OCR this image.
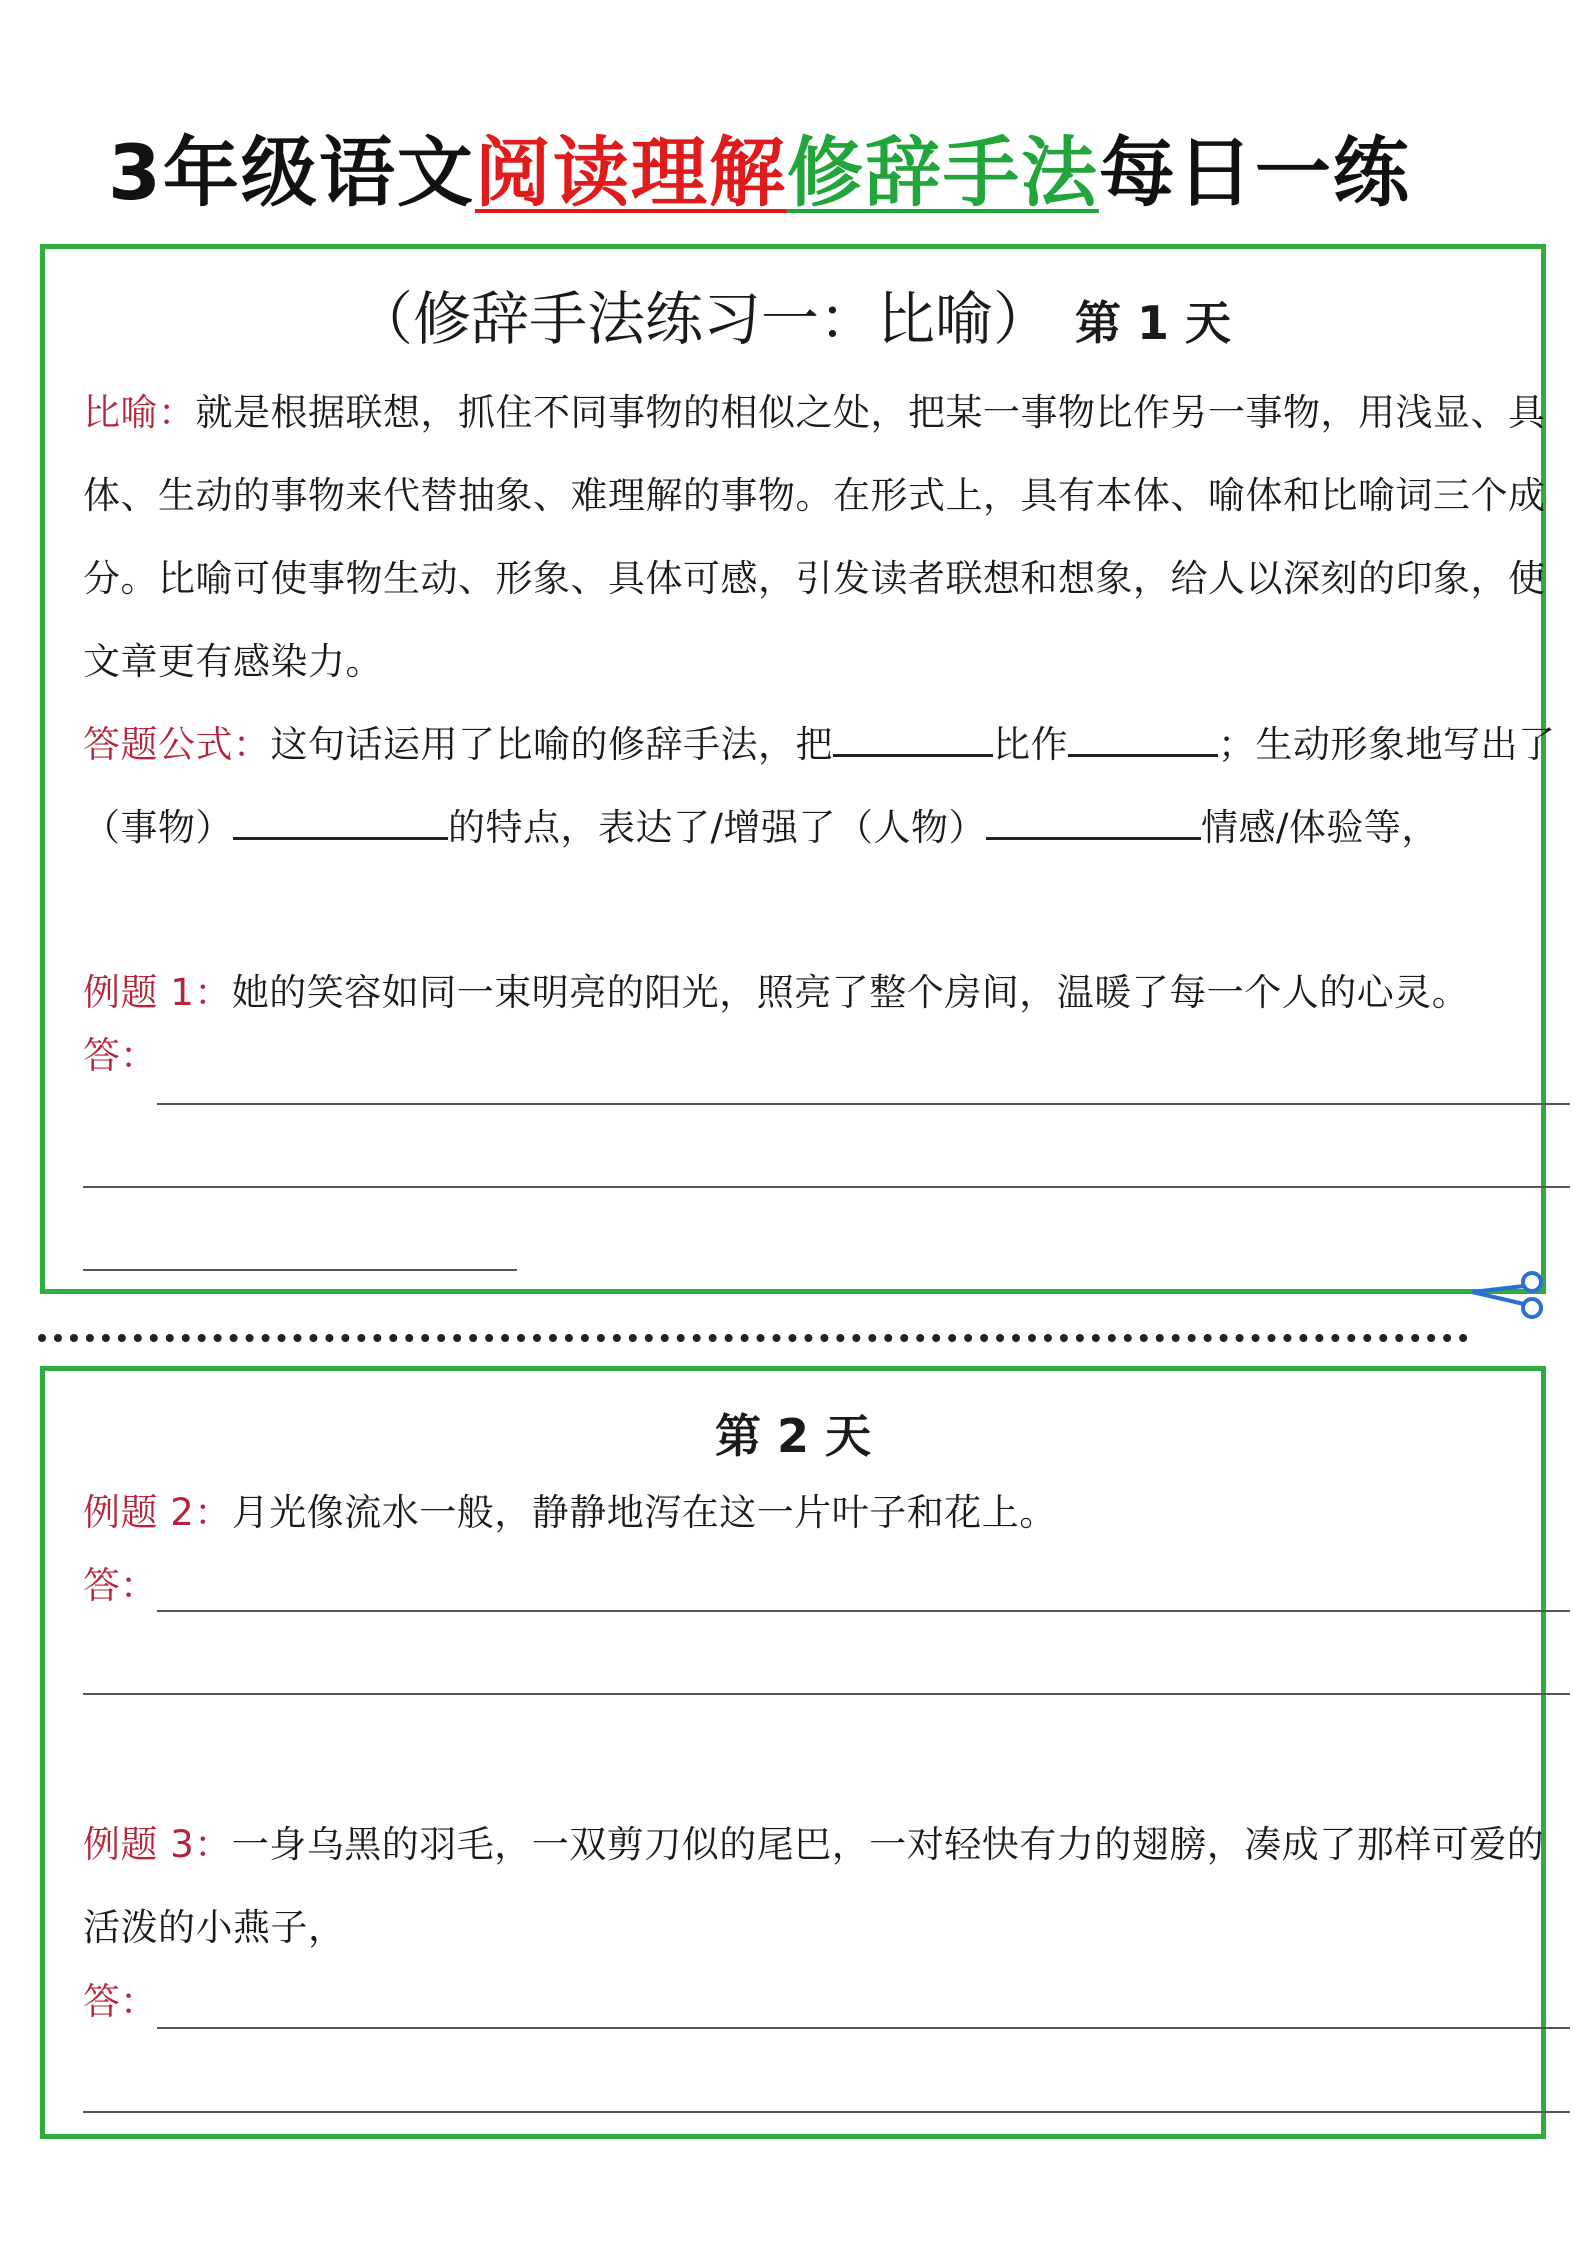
3年级语文阅读理解修辞手法每日一练
（修辞手法练习一：比喻） 第 1 天
比喻：就是根据联想，抓住不同事物的相似之处，把某一事物比作另一事物，用浅显、具体、生动的事物来代替抽象、难理解的事物。在形式上，具有本体、喻体和比喻词三个成分。比喻可使事物生动、形象、具体可感，引发读者联想和想象，给人以深刻的印象，使文章更有感染力。
答题公式：这句话运用了比喻的修辞手法，把	比作	；生动形象地写出了（事物）	的特点，表达了/增强了（人物）	情感/体验等，
例题 1：她的笑容如同一束明亮的阳光，照亮了整个房间，温暖了每一个人的心灵。
答：
第 2 天
例题 2：月光像流水一般，静静地泻在这一片叶子和花上。
答：
例题 3：一身乌黑的羽毛，一双剪刀似的尾巴，一对轻快有力的翅膀，凑成了那样可爱的活泼的小燕子，
答：
